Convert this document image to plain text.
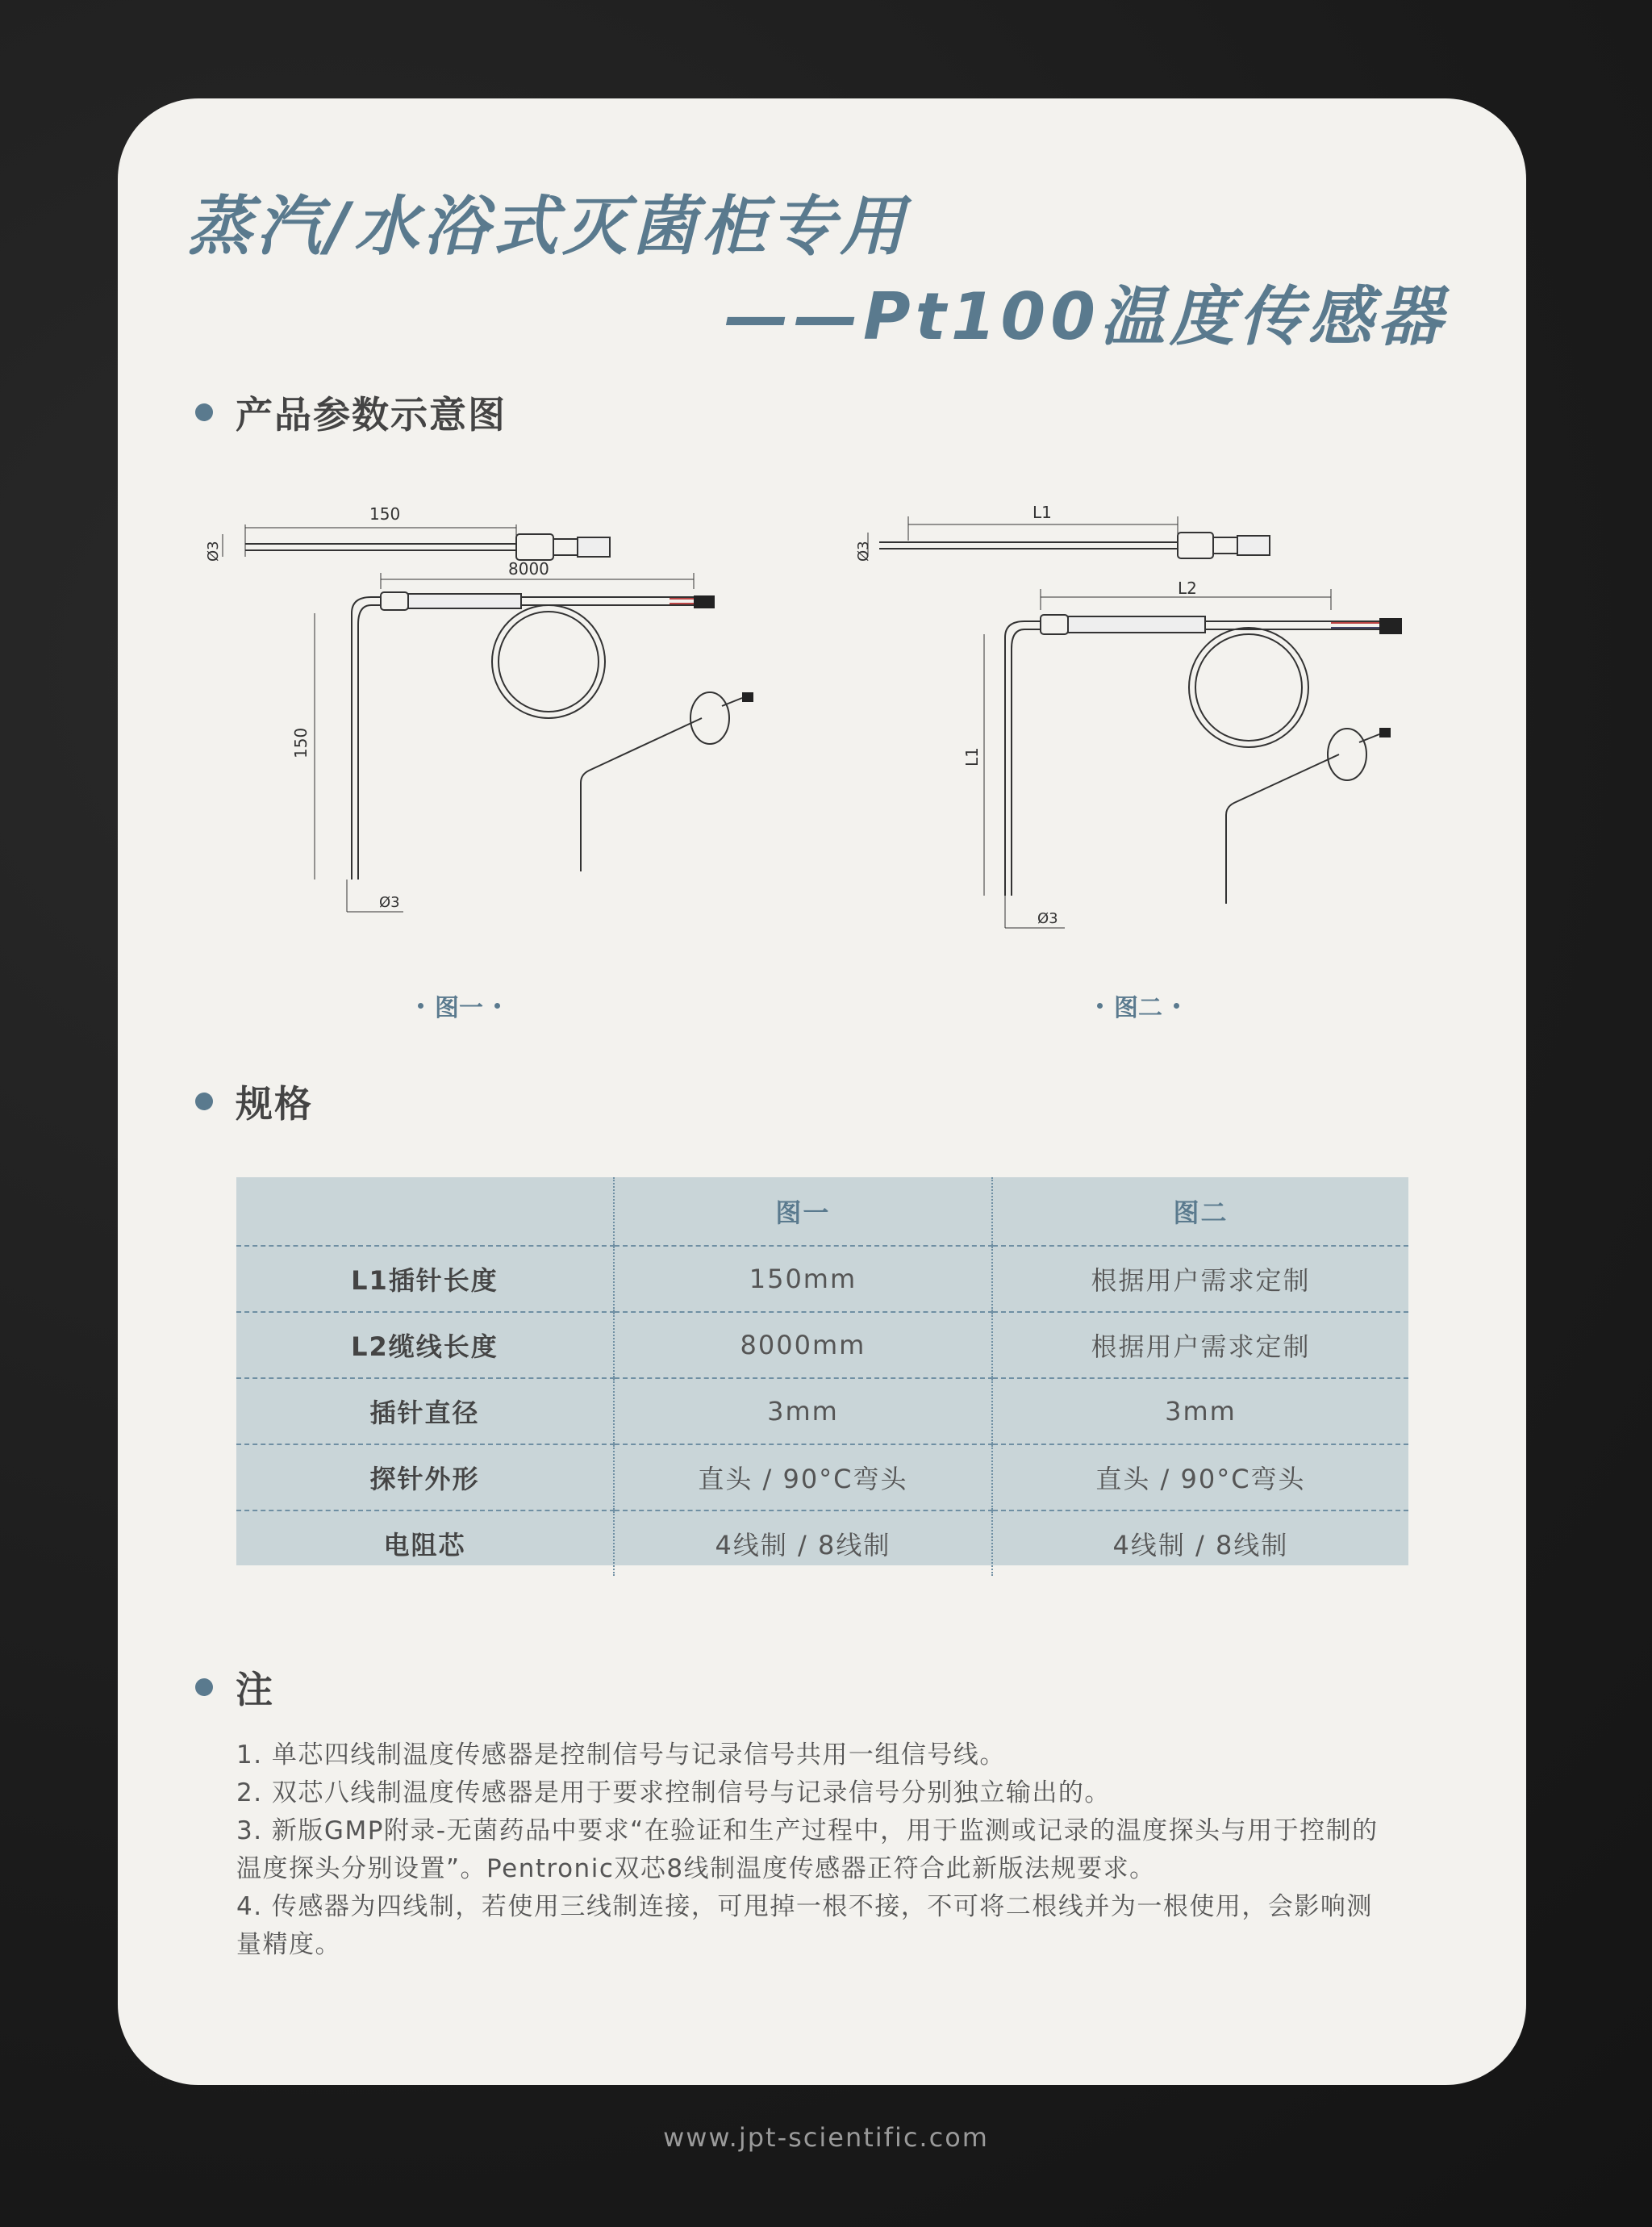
蒸汽/水浴式灭菌柜专用
——Pt100温度传感器
产品参数示意图
150
Ø3
8000
150
Ø3
图一
L1
Ø3
L2
L1
Ø3
图二
规格
	图一	图二
L1插针长度	150mm	根据用户需求定制
L2缆线长度	8000mm	根据用户需求定制
插针直径	3mm	3mm
探针外形	直头 / 90°C弯头	直头 / 90°C弯头
电阻芯	4线制 / 8线制	4线制 / 8线制
注

1. 单芯四线制温度传感器是控制信号与记录信号共用一组信号线。

2. 双芯八线制温度传感器是用于要求控制信号与记录信号分别独立输出的。

3. 新版GMP附录-无菌药品中要求“在验证和生产过程中，用于监测或记录的温度探头与用于控制的温度探头分别设置”。Pentronic双芯8线制温度传感器正符合此新版法规要求。

4. 传感器为四线制，若使用三线制连接，可甩掉一根不接，不可将二根线并为一根使用，会影响测量精度。

www.jpt-scientific.com
